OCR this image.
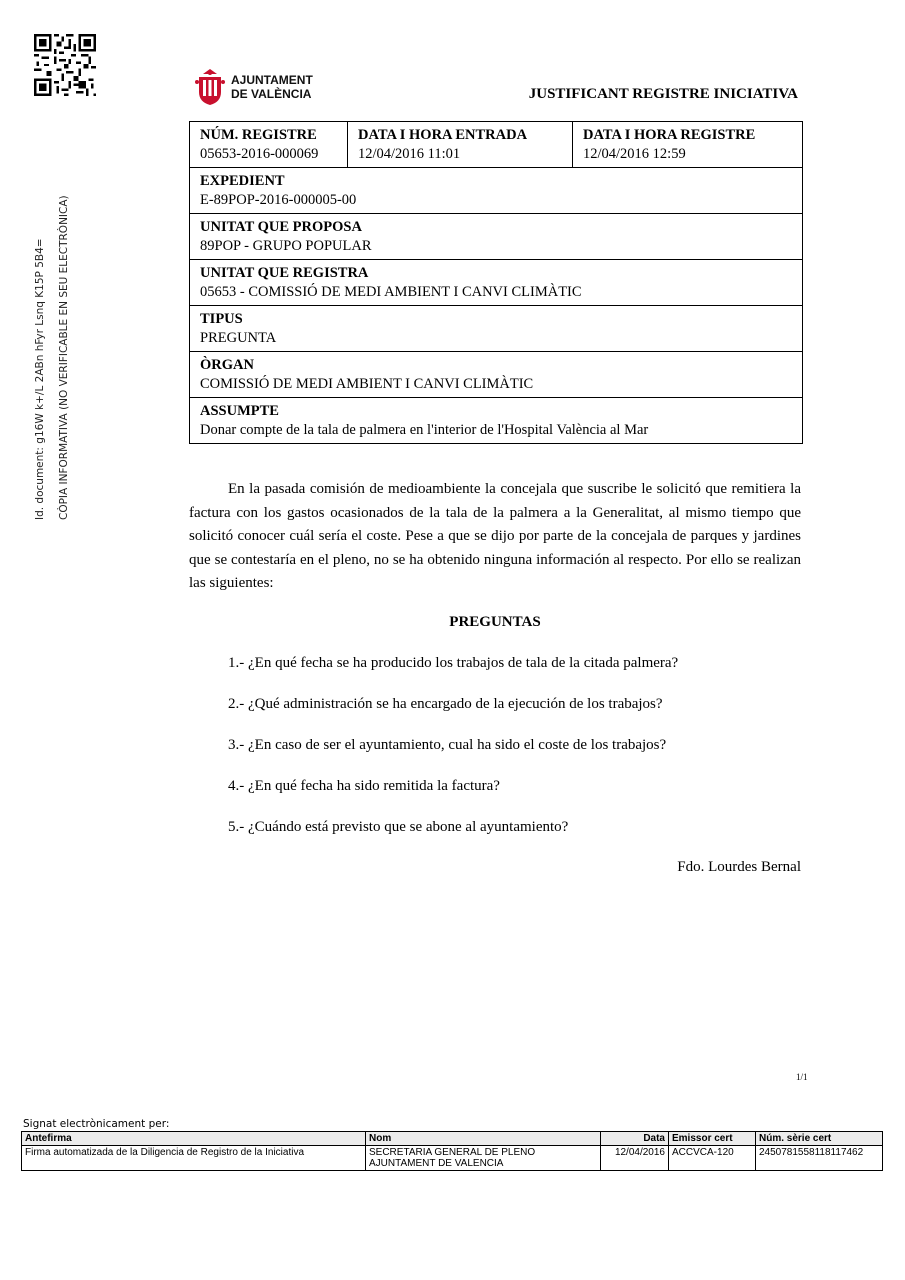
Id. document: g16W k+/L 2ABn hFyr Lsnq K15P 5B4=	CÒPIA INFORMATIVA (NO VERIFICABLE EN SEU ELECTRÒNICA)
AJUNTAMENT
DE VALÈNCIA	JUSTIFICANT REGISTRE INICIATIVA
NÚM. REGISTRE
05653-2016-000069

DATA I HORA ENTRADA
12/04/2016 11:01

DATA I HORA REGISTRE
12/04/2016 12:59

EXPEDIENT
E-89POP-2016-000005-00

UNITAT QUE PROPOSA
89POP - GRUPO POPULAR

UNITAT QUE REGISTRA
05653 - COMISSIÓ DE MEDI AMBIENT I CANVI CLIMÀTIC

TIPUS
PREGUNTA

ÒRGAN
COMISSIÓ DE MEDI AMBIENT I CANVI CLIMÀTIC

ASSUMPTE
Donar compte de la tala de palmera en l'interior de l'Hospital València al Mar

En la pasada comisión de medioambiente la concejala que suscribe le solicitó que remitiera la factura con los gastos ocasionados de la tala de la palmera a la Generalitat, al mismo tiempo que solicitó conocer cuál sería el coste. Pese a que se dijo por parte de la concejala de parques y jardines que se contestaría en el pleno, no se ha obtenido ninguna información al respecto. Por ello se realizan las siguientes:

PREGUNTAS
1.- ¿En qué fecha se ha producido los trabajos de tala de la citada palmera?
2.- ¿Qué administración se ha encargado de la ejecución de los trabajos?
3.- ¿En caso de ser el ayuntamiento, cual ha sido el coste de los trabajos?
4.- ¿En qué fecha ha sido remitida la factura?
5.- ¿Cuándo está previsto que se abone al ayuntamiento?
Fdo. Lourdes Bernal
1/1
Signat electrònicament per:
Antefirma	Nom	Data	Emissor cert	Núm. sèrie cert
Firma automatizada de la Diligencia de Registro de la Iniciativa	SECRETARIA GENERAL DE PLENO
AJUNTAMENT DE VALENCIA	12/04/2016	ACCVCA-120	2450781558118117462
